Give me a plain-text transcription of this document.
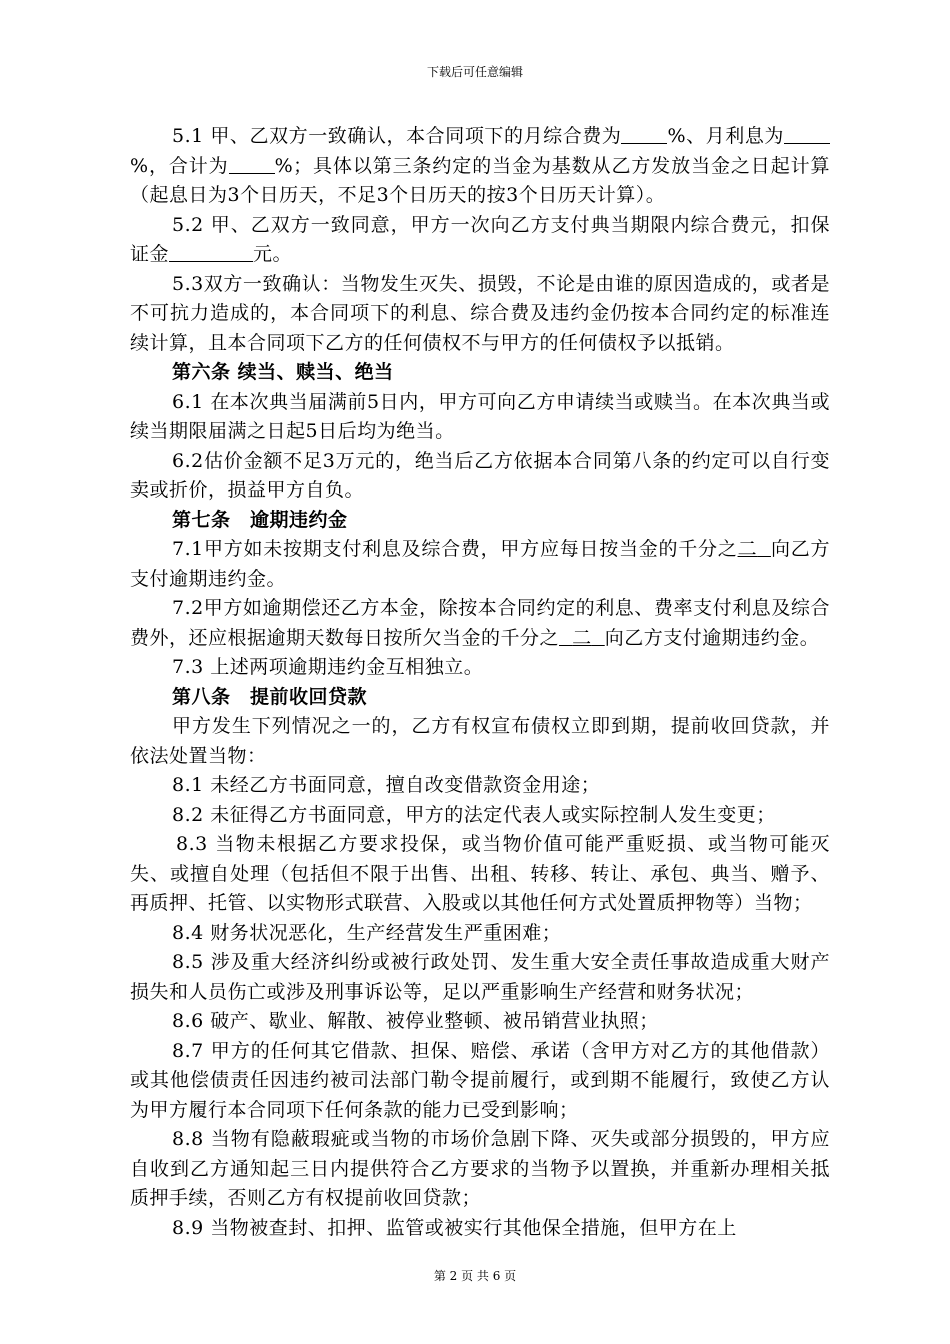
下载后可任意编辑

5.1 甲、乙双方一致确认，本合同项下的月综合费为 %、月利息为%，合计为 %；具体以第三条约定的当金为基数从乙方发放当金之日起计算（起息日为3个日历天，不足3个日历天的按3个日历天计算）。

5.2 甲、乙双方一致同意，甲方一次向乙方支付典当期限内综合费元，扣保证金	元。

5.3双方一致确认：当物发生灭失、损毁，不论是由谁的原因造成的，或者是不可抗力造成的，本合同项下的利息、综合费及违约金仍按本合同约定的标准连续计算，且本合同项下乙方的任何债权不与甲方的任何债权予以抵销。

第六条 续当、赎当、绝当

6.1 在本次典当届满前5日内，甲方可向乙方申请续当或赎当。在本次典当或续当期限届满之日起5日后均为绝当。

6.2估价金额不足3万元的，绝当后乙方依据本合同第八条的约定可以自行变卖或折价，损益甲方自负。

第七条　逾期违约金

7.1甲方如未按期支付利息及综合费，甲方应每日按当金的千分之二 向乙方支付逾期违约金。

7.2甲方如逾期偿还乙方本金，除按本合同约定的利息、费率支付利息及综合费外，还应根据逾期天数每日按所欠当金的千分之 二 向乙方支付逾期违约金。

7.3 上述两项逾期违约金互相独立。

第八条　提前收回贷款

甲方发生下列情况之一的，乙方有权宣布债权立即到期，提前收回贷款，并依法处置当物：

8.1 未经乙方书面同意，擅自改变借款资金用途；

8.2 未征得乙方书面同意，甲方的法定代表人或实际控制人发生变更；

8.3 当物未根据乙方要求投保，或当物价值可能严重贬损、或当物可能灭失、或擅自处理（包括但不限于出售、出租、转移、转让、承包、典当、赠予、再质押、托管、以实物形式联营、入股或以其他任何方式处置质押物等）当物；

8.4 财务状况恶化，生产经营发生严重困难；

8.5 涉及重大经济纠纷或被行政处罚、发生重大安全责任事故造成重大财产损失和人员伤亡或涉及刑事诉讼等，足以严重影响生产经营和财务状况；

8.6 破产、歇业、解散、被停业整顿、被吊销营业执照；

8.7 甲方的任何其它借款、担保、赔偿、承诺（含甲方对乙方的其他借款）或其他偿债责任因违约被司法部门勒令提前履行，或到期不能履行，致使乙方认为甲方履行本合同项下任何条款的能力已受到影响；

8.8 当物有隐蔽瑕疵或当物的市场价急剧下降、灭失或部分损毁的，甲方应自收到乙方通知起三日内提供符合乙方要求的当物予以置换，并重新办理相关抵质押手续，否则乙方有权提前收回贷款；

8.9 当物被查封、扣押、监管或被实行其他保全措施，但甲方在上

第 2 页 共 6 页
